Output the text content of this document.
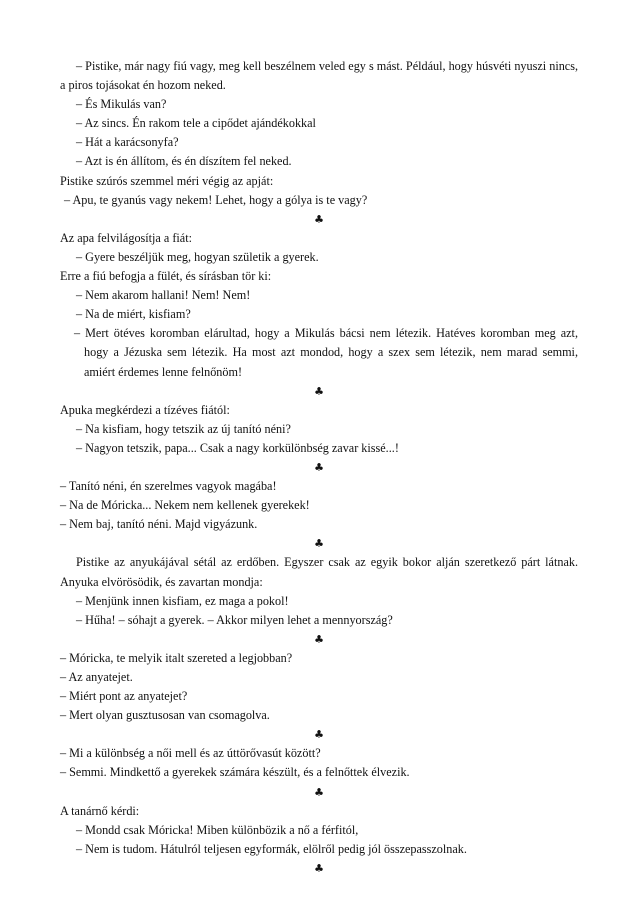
– Pistike, már nagy fiú vagy, meg kell beszélnem veled egy s mást. Például, hogy húsvéti nyuszi nincs, a piros tojásokat én hozom neked.

– És Mikulás van?

– Az sincs. Én rakom tele a cipődet ajándékokkal

– Hát a karácsonyfa?

– Azt is én állítom, és én díszítem fel neked.

Pistike szúrós szemmel méri végig az apját:

– Apu, te gyanús vagy nekem! Lehet, hogy a gólya is te vagy?

♣

Az apa felvilágosítja a fiát:

– Gyere beszéljük meg, hogyan születik a gyerek.

Erre a fiú befogja a fülét, és sírásban tör ki:

– Nem akarom hallani! Nem! Nem!

– Na de miért, kisfiam?

– Mert ötéves koromban elárultad, hogy a Mikulás bácsi nem létezik. Hatéves koromban meg azt, hogy a Jézuska sem létezik. Ha most azt mondod, hogy a szex sem létezik, nem marad semmi, amiért érdemes lenne felnőnöm!

♣

Apuka megkérdezi a tízéves fiától:

– Na kisfiam, hogy tetszik az új tanító néni?

– Nagyon tetszik, papa... Csak a nagy korkülönbség zavar kissé...!

♣

– Tanító néni, én szerelmes vagyok magába!

– Na de Móricka... Nekem nem kellenek gyerekek!

– Nem baj, tanító néni. Majd vigyázunk.

♣

Pistike az anyukájával sétál az erdőben. Egyszer csak az egyik bokor alján szeretkező párt látnak. Anyuka elvörösödik, és zavartan mondja:

– Menjünk innen kisfiam, ez maga a pokol!

– Hűha! – sóhajt a gyerek. – Akkor milyen lehet a mennyország?

♣

– Móricka, te melyik italt szereted a legjobban?

– Az anyatejet.

– Miért pont az anyatejet?

– Mert olyan gusztusosan van csomagolva.

♣

– Mi a különbség a női mell és az úttörővasút között?

– Semmi. Mindkettő a gyerekek számára készült, és a felnőttek élvezik.

♣

A tanárnő kérdi:

– Mondd csak Móricka! Miben különbözik a nő a férfitól,

– Nem is tudom. Hátulról teljesen egyformák, elölről pedig jól összepasszolnak.

♣
